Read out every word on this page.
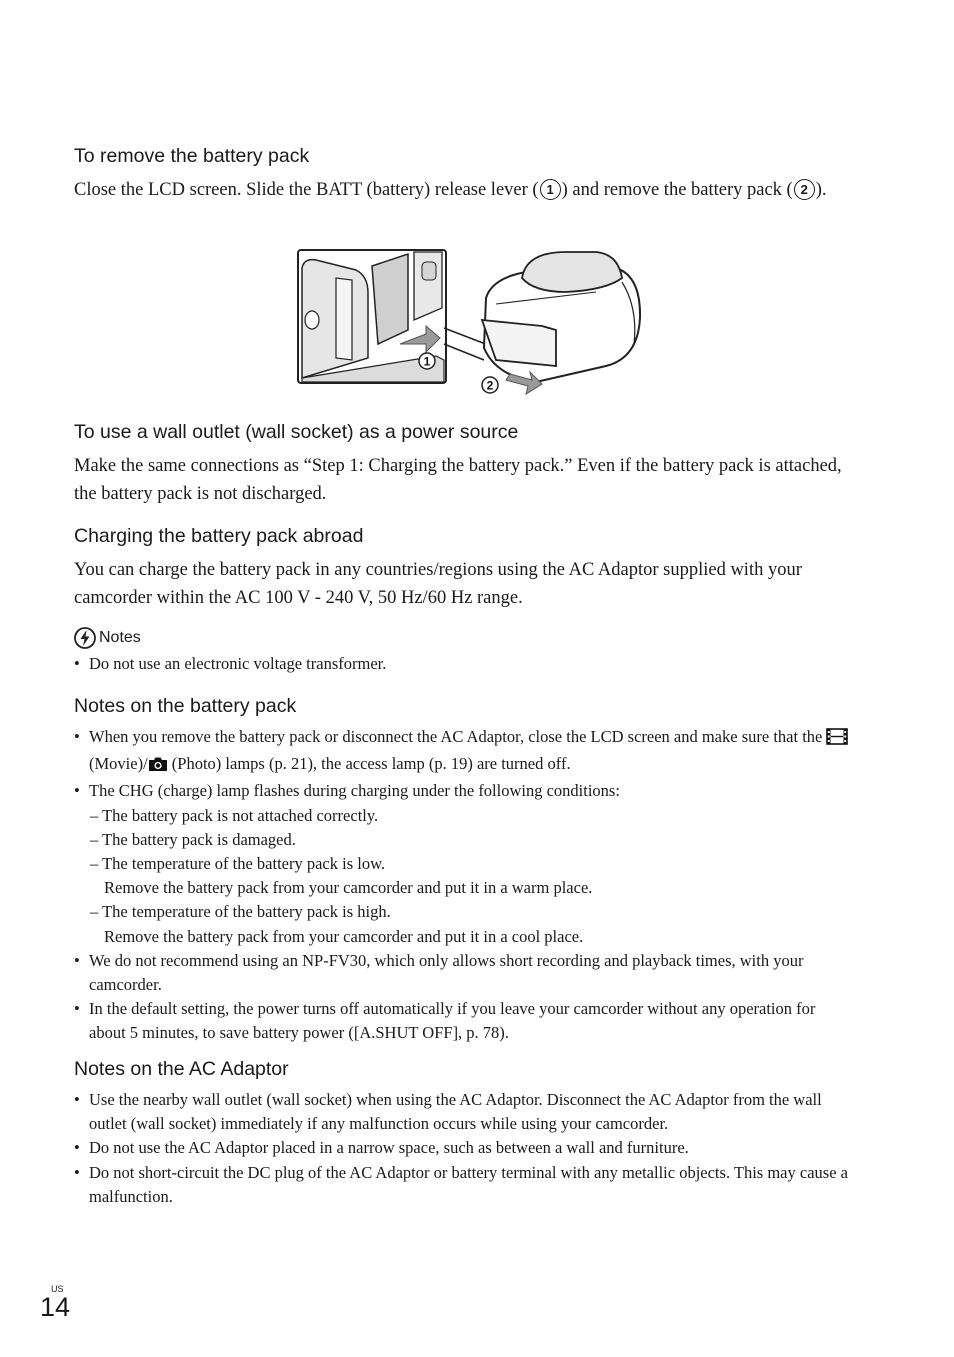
To remove the battery pack

Close the LCD screen. Slide the BATT (battery) release lever ( 1 ) and remove the battery pack ( 2 ).

1
2
To use a wall outlet (wall socket) as a power source

Make the same connections as “Step 1: Charging the battery pack.” Even if the battery pack is attached, the battery pack is not discharged.

Charging the battery pack abroad

You can charge the battery pack in any countries/regions using the AC Adaptor supplied with your camcorder within the AC 100 V - 240 V, 50 Hz/60 Hz range.

Notes
• Do not use an electronic voltage transformer.
Notes on the battery pack
• When you remove the battery pack or disconnect the AC Adaptor, close the LCD screen and make sure that the  (Movie)/ (Photo) lamps (p. 21), the access lamp (p. 19) are turned off.
• The CHG (charge) lamp flashes during charging under the following conditions:
– The battery pack is not attached correctly.
– The battery pack is damaged.
– The temperature of the battery pack is low.
Remove the battery pack from your camcorder and put it in a warm place.
– The temperature of the battery pack is high.
Remove the battery pack from your camcorder and put it in a cool place.
• We do not recommend using an NP-FV30, which only allows short recording and playback times, with your camcorder.
• In the default setting, the power turns off automatically if you leave your camcorder without any operation for about 5 minutes, to save battery power ([A.SHUT OFF], p. 78).
Notes on the AC Adaptor
• Use the nearby wall outlet (wall socket) when using the AC Adaptor. Disconnect the AC Adaptor from the wall outlet (wall socket) immediately if any malfunction occurs while using your camcorder.
• Do not use the AC Adaptor placed in a narrow space, such as between a wall and furniture.
• Do not short-circuit the DC plug of the AC Adaptor or battery terminal with any metallic objects. This may cause a malfunction.
US
14
